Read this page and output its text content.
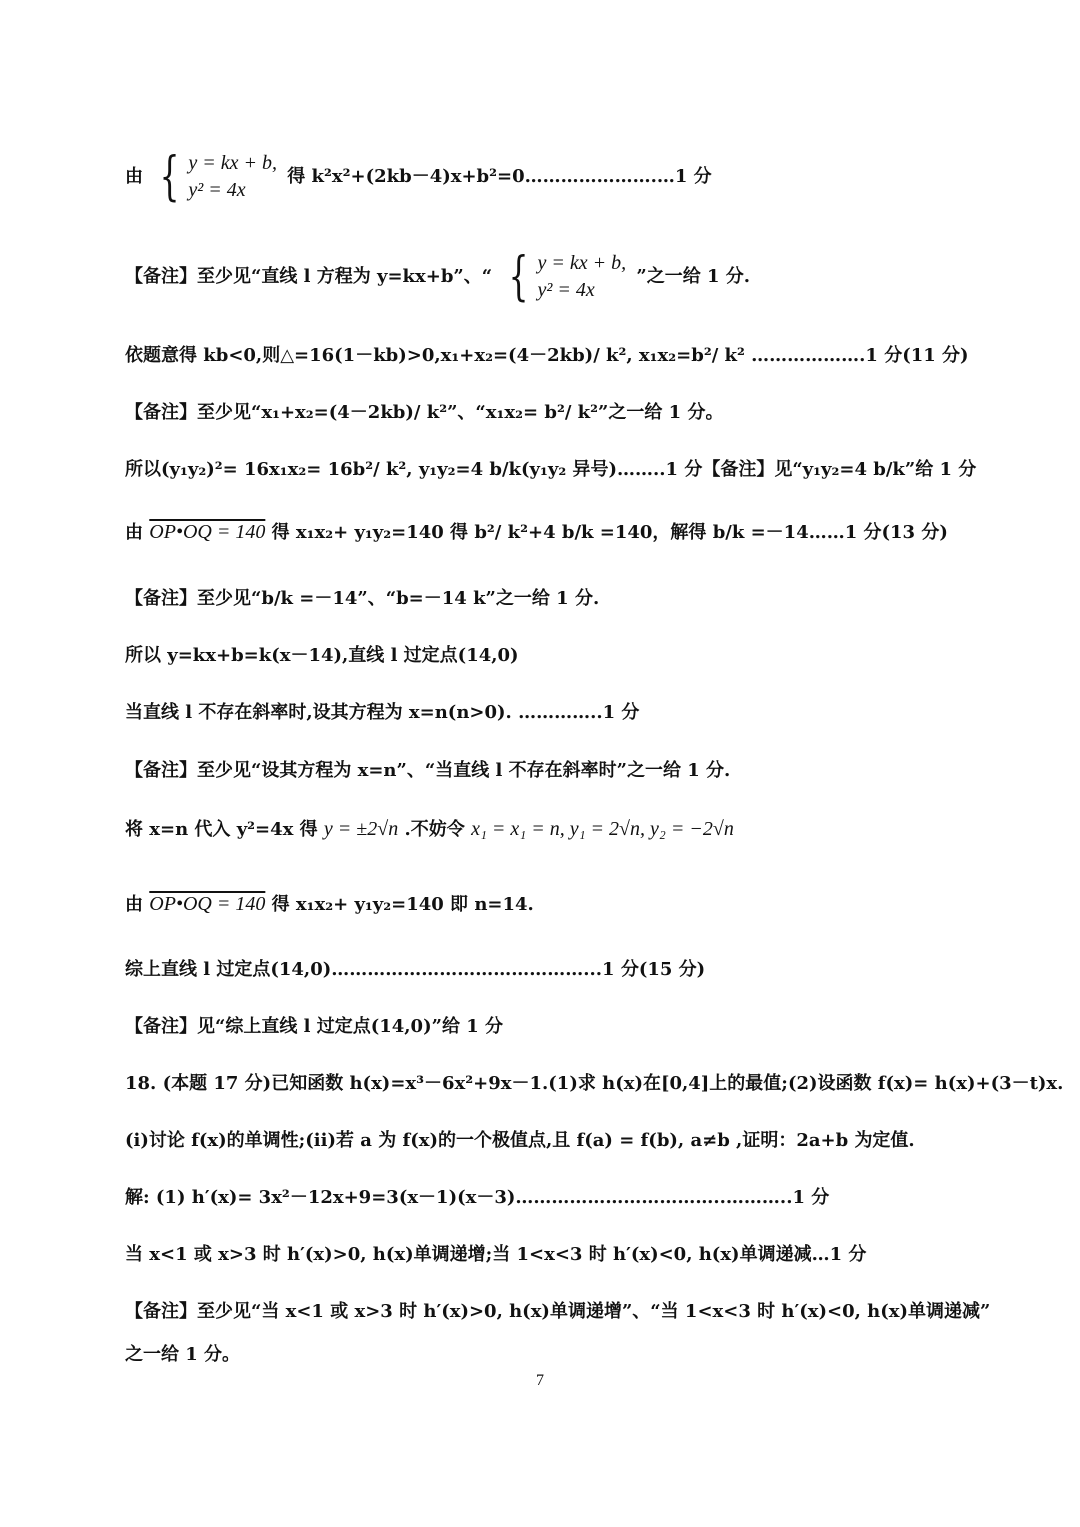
由 { y = kx + b,
y² = 4x
得 k²x²+(2kb－4)x+b²=0………………….…1 分
【备注】至少见“直线 l 方程为 y=kx+b”、“ { y = kx + b,
y² = 4x
”之一给 1 分.
依题意得 kb<0,则△=16(1－kb)>0,x₁+x₂=(4－2kb)/ k², x₁x₂=b²/ k² ……………….1 分(11 分)
【备注】至少见“x₁+x₂=(4－2kb)/ k²”、“x₁x₂= b²/ k²”之一给 1 分。
所以(y₁y₂)²= 16x₁x₂= 16b²/ k², y₁y₂=4 b/k(y₁y₂ 异号)……..1 分【备注】见“y₁y₂=4 b/k”给 1 分
由 OP•OQ = 140 得 x₁x₂+ y₁y₂=140 得 b²/ k²+4 b/k =140，解得 b/k =－14……1 分(13 分)
【备注】至少见“b/k =－14”、“b=－14 k”之一给 1 分.
所以 y=kx+b=k(x－14),直线 l 过定点(14,0)
当直线 l 不存在斜率时,设其方程为 x=n(n>0). …………..1 分
【备注】至少见“设其方程为 x=n”、“当直线 l 不存在斜率时”之一给 1 分.
将 x=n 代入 y²=4x 得 y = ±2√n .不妨令 x₁ = x₁ = n, y₁ = 2√n, y₂ = −2√n
由 OP•OQ = 140 得 x₁x₂+ y₁y₂=140 即 n=14.
综上直线 l 过定点(14,0)……………………………………...1 分(15 分)
【备注】见“综上直线 l 过定点(14,0)”给 1 分
18. (本题 17 分)已知函数 h(x)=x³－6x²+9x－1.(1)求 h(x)在[0,4]上的最值;(2)设函数 f(x)= h(x)+(3－t)x.
(i)讨论 f(x)的单调性;(ii)若 a 为 f(x)的一个极值点,且 f(a) = f(b), a≠b ,证明：2a+b 为定值.
解: (1) h′(x)= 3x²－12x+9=3(x－1)(x－3)……………………………..………..1 分
当 x<1 或 x>3 时 h′(x)>0, h(x)单调递增;当 1<x<3 时 h′(x)<0, h(x)单调递减…1 分
【备注】至少见“当 x<1 或 x>3 时 h′(x)>0, h(x)单调递增”、“当 1<x<3 时 h′(x)<0, h(x)单调递减”
之一给 1 分。
7
